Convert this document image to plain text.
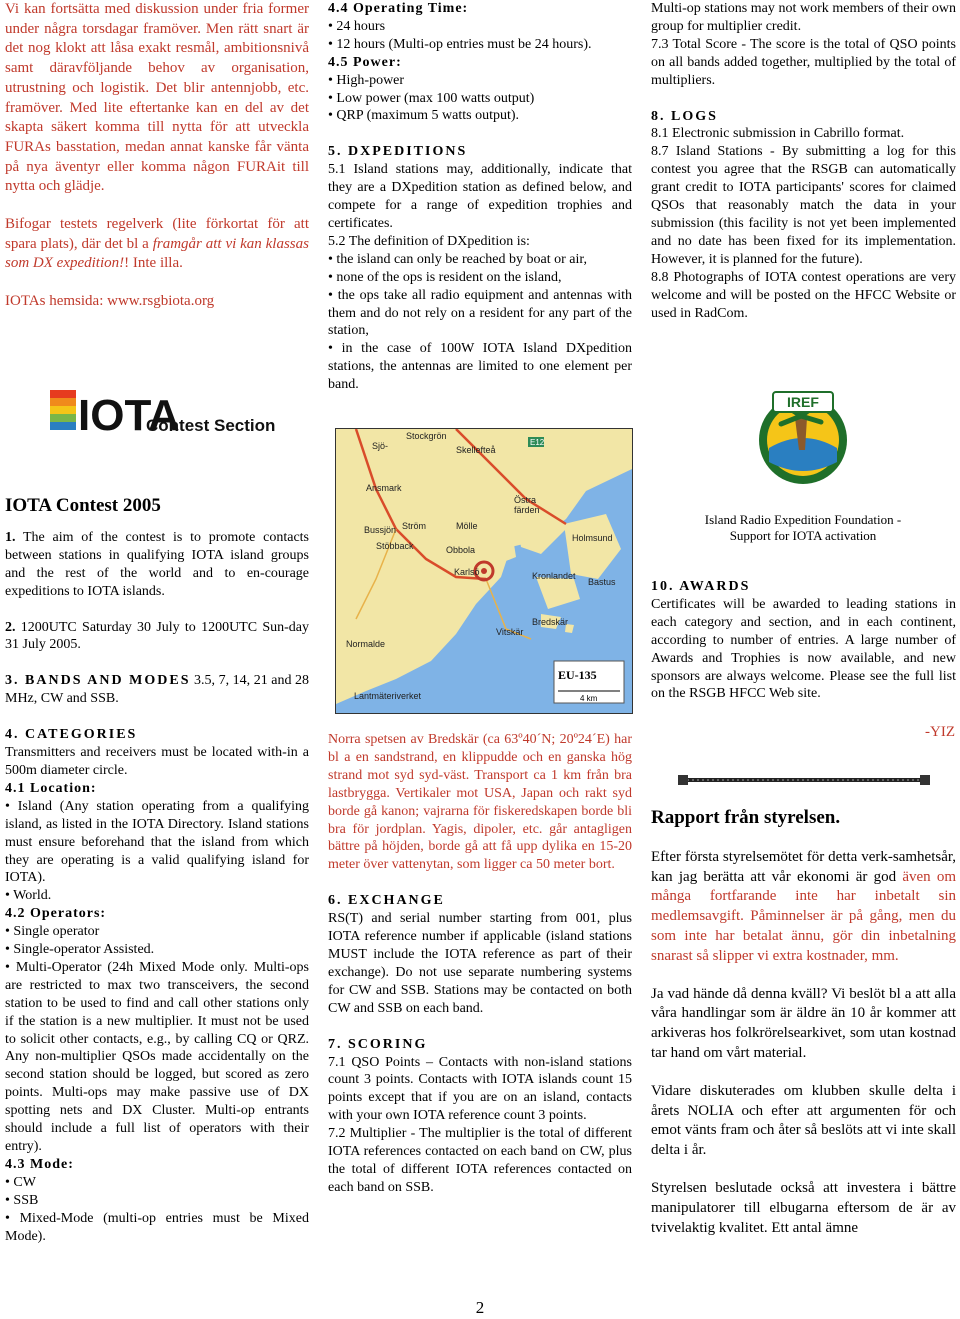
Vi kan fortsätta med diskussion under fria former under några torsdagar framöver. Men rätt snart är det nog klokt att låsa exakt resmål, ambitionsnivå samt däravföljande behov av organisation, utrustning och logistik. Det blir antennjobb, etc. framöver. Med lite eftertanke kan en del av det skapta säkert komma till nytta för att utveckla FURAs basstation, medan annat kanske får vänta på nya äventyr eller komma någon FURAit till nytta och glädje.

Bifogar testets regelverk (lite förkortat för att spara plats), där det bl a framgår att vi kan klassas som DX expedition!! Inte illa.

IOTAs hemsida: www.rsgbiota.org

IOTA
Contest Section

IOTA Contest 2005

1. The aim of the contest is to promote contacts between stations in qualifying IOTA island groups and the rest of the world and to en-courage expeditions to IOTA islands.

2. 1200UTC Saturday 30 July to 1200UTC Sun-day 31 July 2005.

3. BANDS AND MODES 3.5, 7, 14, 21 and 28 MHz, CW and SSB.

4. CATEGORIES

Transmitters and receivers must be located with-in a 500m diameter circle.

4.1 Location:

• Island (Any station operating from a qualifying island, as listed in the IOTA Directory. Island stations must ensure beforehand that the island from which they are operating is a valid qualifying island for IOTA).

• World.

4.2 Operators:

• Single operator

• Single-operator Assisted.

• Multi-Operator (24h Mixed Mode only. Multi-ops are restricted to max two transceivers, the second station to be used to find and call other stations only if the station is a new multiplier. It must not be used to solicit other contacts, e.g., by calling CQ or QRZ. Any non-multiplier QSOs made accidentally on the second station should be logged, but scored as zero points. Multi-ops may make passive use of DX spotting nets and DX Cluster. Multi-op entrants should include a full list of operators with their entry).

4.3 Mode:

• CW

• SSB

• Mixed-Mode (multi-op entries must be Mixed Mode).

4.4 Operating Time:

• 24 hours

• 12 hours (Multi-op entries must be 24 hours).

4.5 Power:

• High-power

• Low power (max 100 watts output)

• QRP (maximum 5 watts output).

5. DXPEDITIONS

5.1 Island stations may, additionally, indicate that they are a DXpedition station as defined below, and compete for a range of expedition trophies and certificates.

5.2 The definition of DXpedition is:

• the island can only be reached by boat or air,

• none of the ops is resident on the island,

• the ops take all radio equipment and antennas with them and do not rely on a resident for any part of the station,

• in the case of 100W IOTA Island DXpedition stations, the antennas are limited to one element per band.

E12
Stockgrön
Skellefteå
Sjö-
Ansmark
Bussjön Ström	Mölle
Stöbback	Obbola
Karlsö
Holmsund
Östra
färden
Kronlandet
Bastus
Vitskär
Bredskär
Normalde
Lantmäteriverket
EU-135
4 km

Norra spetsen av Bredskär (ca 63º40´N; 20º24´E) har bl a en sandstrand, en klippudde och en ganska hög strand mot syd syd-väst. Transport ca 1 km från bra lastbrygga. Vertikaler mot USA, Japan och rakt syd borde gå kanon; vajrarna för fiskeredskapen borde bli bra för jordplan. Yagis, dipoler, etc. går antagligen bättre på höjden, borde gå att få upp dylika en 15-20 meter över vattenytan, som ligger ca 50 meter bort.

6. EXCHANGE

RS(T) and serial number starting from 001, plus IOTA reference number if applicable (island stations MUST include the IOTA reference as part of their exchange). Do not use separate numbering systems for CW and SSB. Stations may be contacted on both CW and SSB on each band.

7. SCORING

7.1 QSO Points – Contacts with non-island stations count 3 points. Contacts with IOTA islands count 15 points except that if you are on an island, contacts with your own IOTA reference count 3 points.

7.2 Multiplier - The multiplier is the total of different IOTA references contacted on each band on CW, plus the total of different IOTA references contacted on each band on SSB.

Multi-op stations may not work members of their own group for multiplier credit.

7.3 Total Score - The score is the total of QSO points on all bands added together, multiplied by the total of multipliers.

8. LOGS

8.1 Electronic submission in Cabrillo format.

8.7 Island Stations - By submitting a log for this contest you agree that the RSGB can automatically grant credit to IOTA participants' scores for claimed QSOs that reasonably match the data in your submission (this facility is not yet been implemented and no date has been fixed for its implementation. However, it is planned for the future).

8.8 Photographs of IOTA contest operations are very welcome and will be posted on the HFCC Website or used in RadCom.

IREF

Island Radio Expedition Foundation - Support for IOTA activation

10. AWARDS

Certificates will be awarded to leading stations in each category and section, and in each continent, according to number of entries. A large number of Awards and Trophies is now available, and new sponsors are always welcome. Please see the full list on the RSGB HFCC Web site.

-YIZ

Rapport från styrelsen.

Efter första styrelsemötet för detta verk-samhetsår, kan jag berätta att vår ekonomi är god även om många fortfarande inte har inbetalt sin medlemsavgift. Påminnelser är på gång, men du som inte har betalat ännu, gör din inbetalning snarast så slipper vi extra kostnader, mm.

Ja vad hände då denna kväll? Vi beslöt bl a att alla våra handlingar som är äldre än 10 år kommer att arkiveras hos folkrörelsearkivet, som utan kostnad tar hand om vårt material.

Vidare diskuterades om klubben skulle delta i årets NOLIA och efter att argumenten för och emot vänts fram och åter så beslöts att vi inte skall delta i år.

Styrelsen beslutade också att investera i bättre manipulatorer till elbugarna eftersom de är av tvivelaktig kvalitet. Ett antal ämne

2
